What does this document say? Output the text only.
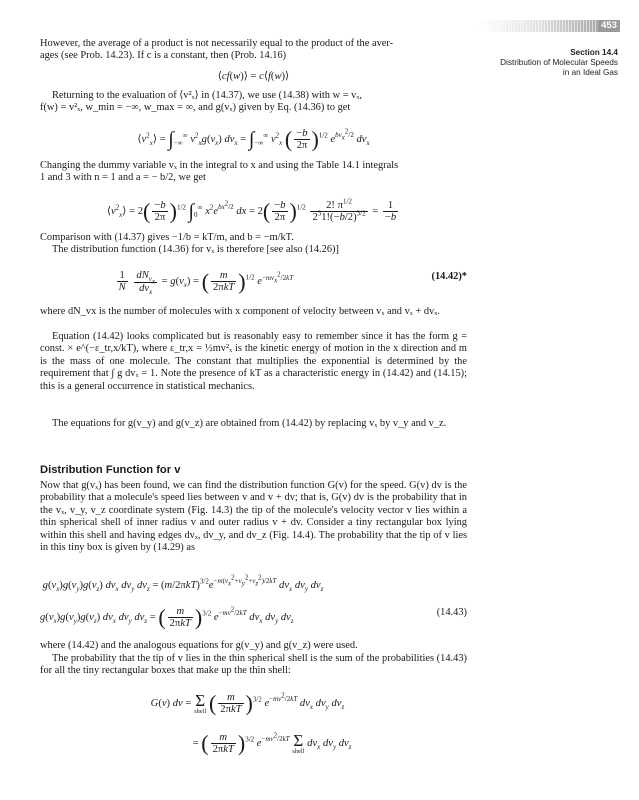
453
Section 14.4
Distribution of Molecular Speeds
in an Ideal Gas

However, the average of a product is not necessarily equal to the product of the aver-
ages (see Prob. 14.23). If c is a constant, then (Prob. 14.16)

⟨cf(w)⟩ = c⟨f(w)⟩

Returning to the evaluation of ⟨v²ₓ⟩ in (14.37), we use (14.38) with w = vₓ,
f(w) = v²ₓ, w_min = −∞, w_max = ∞, and g(vₓ) given by Eq. (14.36) to get

$⟨v^2_x⟩ = \int_{-\infty}^\infty$ $v^2_xg(v_x) dv_x = \int_{-\infty}^\infty$ $v^2_x$ ( $\frac{-b}{2\pi} )^{1/2}$ $e^{bv_x^2/2}$ $dv_x$

Changing the dummy variable vₓ in the integral to x and using the Table 14.1 integrals
1 and 3 with n = 1 and a = − b/2, we get

$⟨v^2_x⟩ = 2( \frac{-b}{2\pi} )^{1/2}$ $\int_0^\infty$ $x^2e^{bx^2/2}$ dx = $2( \frac{-b}{2\pi} )^{1/2} \frac{2! \pi^{1/2}}{2^31!(-b/2)^{3/2}} = \frac{1}{-b}$

Comparison with (14.37) gives −1/b = kT/m, and b = −m/kT.
The distribution function (14.36) for vₓ is therefore [see also (14.26)]

$\frac{1}{N}$
$\frac{dN_{v_x}}{dv_x} = g(v_x)$ = ( $\frac{m}{\text{2πkT}} )^{1/2}$ $e^{-mv_x^2/2kT}$	(14.42)*

where dN_vx is the number of molecules with x component of velocity between vₓ and vₓ + dvₓ.

Equation (14.42) looks complicated but is reasonably easy to remember since it has the form g = const. × e^(−ε_tr,x/kT), where ε_tr,x = ½mv²ₓ is the kinetic energy of motion in the x direction and m is the mass of one molecule. The constant that multiplies the exponential is determined by the requirement that ∫ g dvₓ = 1. Note the presence of kT as a characteristic energy in (14.42) and (14.15); this is a general occurrence in statistical mechanics.

The equations for g(v_y) and g(v_z) are obtained from (14.42) by replacing vₓ by v_y and v_z.

Distribution Function for v

Now that g(vₓ) has been found, we can find the distribution function G(v) for the speed. G(v) dv is the probability that a molecule's speed lies between v and v + dv; that is, G(v) dv is the probability that in the vₓ, v_y, v_z coordinate system (Fig. 14.3) the tip of the molecule's velocity vector v lies within a thin spherical shell of inner radius v and outer radius v + dv. Consider a tiny rectangular box lying within this shell and having edges dvₓ, dv_y, and dv_z (Fig. 14.4). The probability that the tip of v lies in this tiny box is given by (14.29) as

$g(v_x)g(v_y)g(v_z)$ $dv_x$ $dv_y$ $dv_z = (m/2\pi kT)^{3/2}e^{-m(v_x^2+v_y^2+v_z^2)/2kT}$ $dv_x$ $dv_y$ $dv_z$
$g(v_x)g(v_y)g(v_z)$ $dv_x$ $dv_y$ $dv_z$ = ( $\frac{m}{\text{2πkT}} )^{3/2}$ $e^{-mv^2/2kT}$ $dv_x$ $dv_y$ $dv_z$
(14.43)

where (14.42) and the analogous equations for g(v_y) and g(v_z) were used.

The probability that the tip of v lies in the thin spherical shell is the sum of the probabilities (14.43) for all the tiny rectangular boxes that make up the thin shell:

G(v) dv = Σ
shell ( $\frac{m}{\text{2πkT}} )^{3/2}$ $e^{-mv^2/2kT}$ $dv_x$ $dv_y$ $dv_z$
= ( $\frac{m}{\text{2πkT}} )^{3/2}$ $e^{-mv^2/2kT}$ Σ
shell
$dv_x$ $dv_y$ $dv_z$
